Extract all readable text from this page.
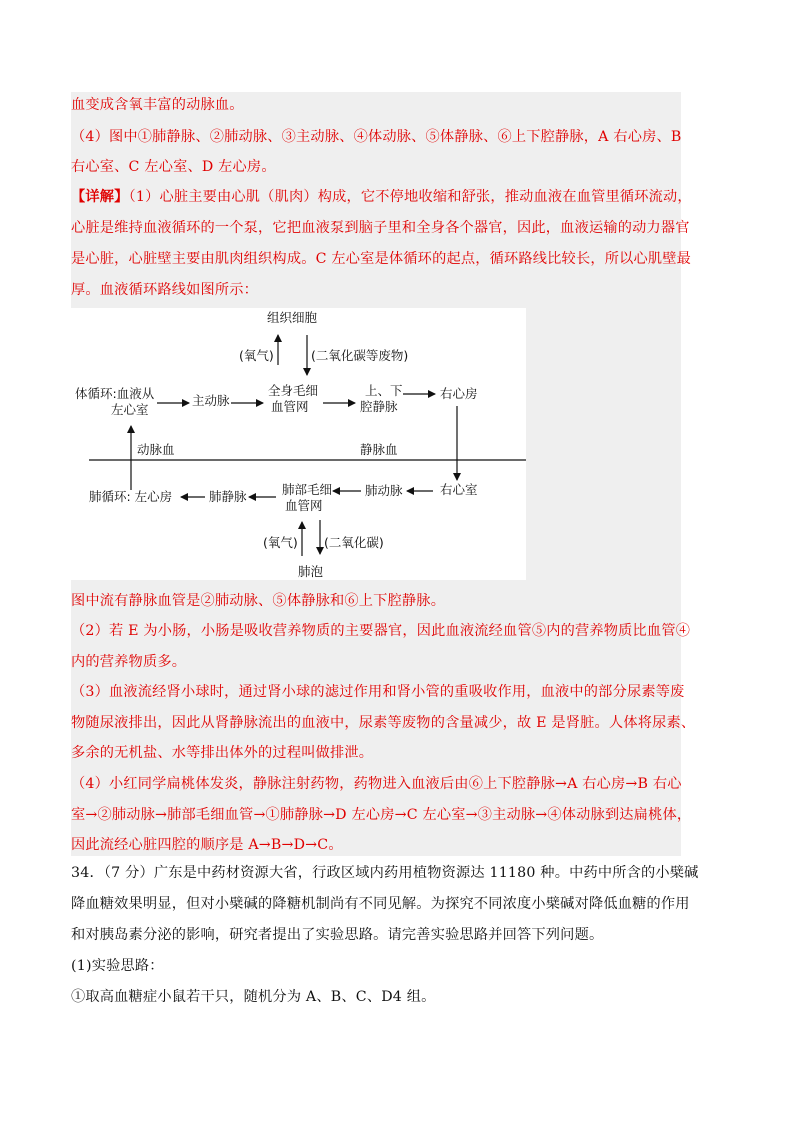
血变成含氧丰富的动脉血。
（4）图中①肺静脉、②肺动脉、③主动脉、④体动脉、⑤体静脉、⑥上下腔静脉，A 右心房、B
右心室、C 左心室、D 左心房。
【详解】（1）心脏主要由心肌（肌肉）构成，它不停地收缩和舒张，推动血液在血管里循环流动，
心脏是维持血液循环的一个泵，它把血液泵到脑子里和全身各个器官，因此，血液运输的动力器官
是心脏，心脏壁主要由肌肉组织构成。C 左心室是体循环的起点，循环路线比较长，所以心肌壁最
厚。血液循环路线如图所示：
图中流有静脉血管是②肺动脉、⑤体静脉和⑥上下腔静脉。
（2）若 E 为小肠，小肠是吸收营养物质的主要器官，因此血液流经血管⑤内的营养物质比血管④
内的营养物质多。
（3）血液流经肾小球时，通过肾小球的滤过作用和肾小管的重吸收作用，血液中的部分尿素等废
物随尿液排出，因此从肾静脉流出的血液中，尿素等废物的含量减少，故 E 是肾脏。人体将尿素、
多余的无机盐、水等排出体外的过程叫做排泄。
（4）小红同学扁桃体发炎，静脉注射药物，药物进入血液后由⑥上下腔静脉→A 右心房→B 右心
室→②肺动脉→肺部毛细血管→①肺静脉→D 左心房→C 左心室→③主动脉→④体动脉到达扁桃体，
因此流经心脏四腔的顺序是 A→B→D→C。
组织细胞
(氧气)	(二氧化碳等废物)
体循环:血液从
左心室
主动脉
全身毛细
血管网
上、下
腔静脉
右心房
动脉血	静脉血
右心室
肺动脉
肺部毛细
血管网
肺静脉
肺循环: 左心房
(氧气) (二氧化碳)
肺泡
34．（7 分）广东是中药材资源大省，行政区域内药用植物资源达 11180 种。中药中所含的小檗碱
降血糖效果明显，但对小檗碱的降糖机制尚有不同见解。为探究不同浓度小檗碱对降低血糖的作用
和对胰岛素分泌的影响，研究者提出了实验思路。请完善实验思路并回答下列问题。
(1)实验思路：
①取高血糖症小鼠若干只，随机分为 A、B、C、D4 组。
